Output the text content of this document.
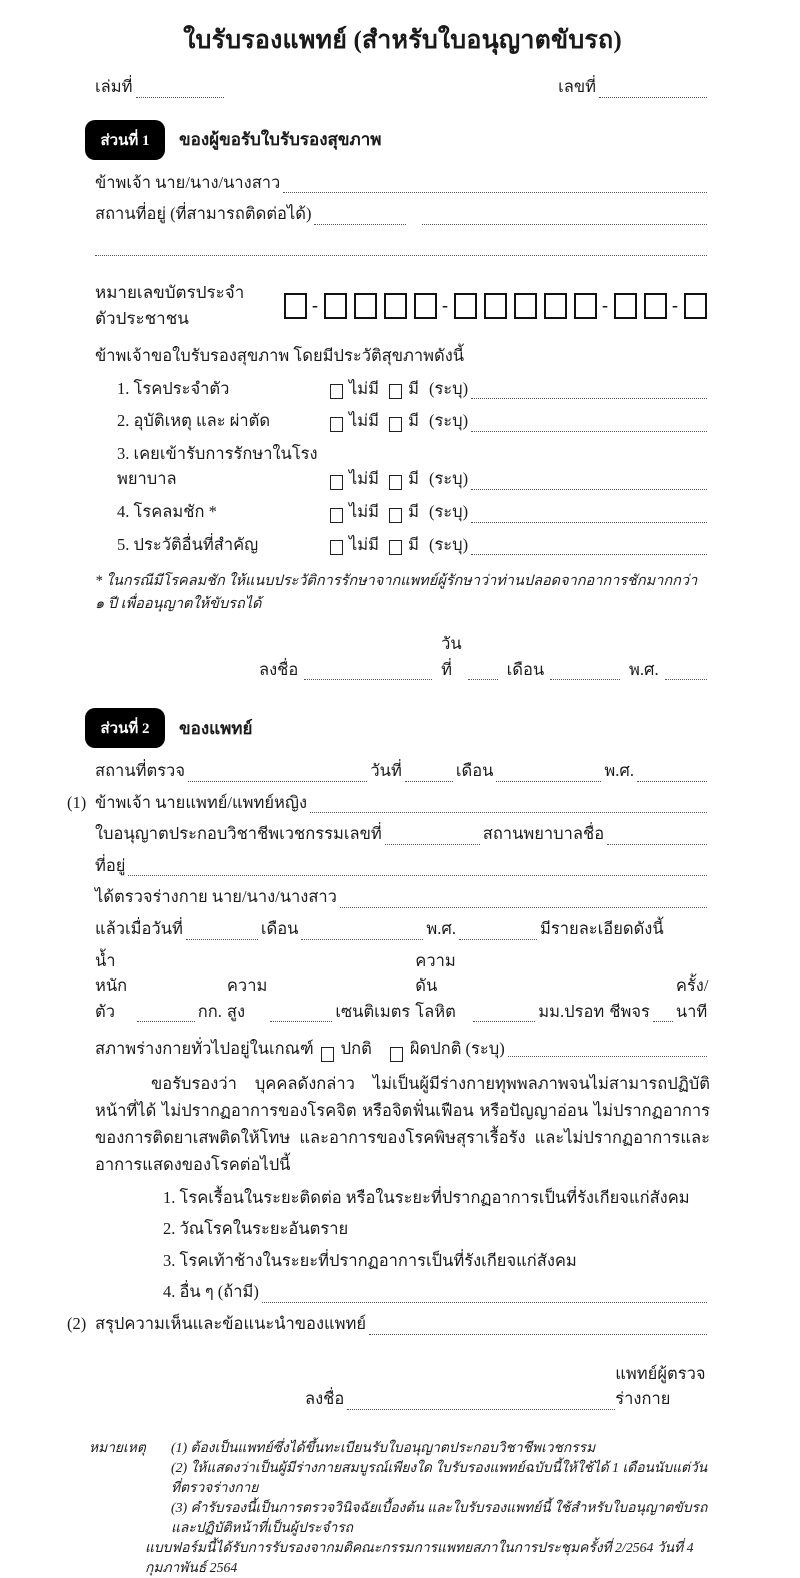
ใบรับรองแพทย์ (สำหรับใบอนุญาตขับรถ)
เล่มที่	เลขที่
ส่วนที่ 1	ของผู้ขอรับใบรับรองสุขภาพ
ข้าพเจ้า นาย/นาง/นางสาว
สถานที่อยู่ (ที่สามารถติดต่อได้)
หมายเลขบัตรประจำตัวประชาชน
-	-	-	-
ข้าพเจ้าขอใบรับรองสุขภาพ โดยมีประวัติสุขภาพดังนี้
1. โรคประจำตัว	ไม่มี มี (ระบุ)
2. อุบัติเหตุ และ ผ่าตัด	ไม่มี มี (ระบุ)
3. เคยเข้ารับการรักษาในโรงพยาบาล	ไม่มี มี (ระบุ)
4. โรคลมชัก *	ไม่มี มี (ระบุ)
5. ประวัติอื่นที่สำคัญ	ไม่มี มี (ระบุ)
* ในกรณีมีโรคลมชัก ให้แนบประวัติการรักษาจากแพทย์ผู้รักษาว่าท่านปลอดจากอาการชักมากกว่า ๑ ปี เพื่ออนุญาตให้ขับรถได้
ลงชื่อ
วันที่	เดือน	พ.ศ.
ส่วนที่ 2	ของแพทย์
สถานที่ตรวจ	วันที่	เดือน	พ.ศ.
(1) ข้าพเจ้า นายแพทย์/แพทย์หญิง
ใบอนุญาตประกอบวิชาชีพเวชกรรมเลขที่	สถานพยาบาลชื่อ
ที่อยู่
ได้ตรวจร่างกาย นาย/นาง/นางสาว
แล้วเมื่อวันที่	เดือน	พ.ศ.	มีรายละเอียดดังนี้
น้ำหนักตัว	กก.
ความสูง	เซนติเมตร
ความดันโลหิต	มม.ปรอท ชีพจร
ครั้ง/นาที
สภาพร่างกายทั่วไปอยู่ในเกณฑ์ ปกติ ผิดปกติ (ระบุ)

ขอรับรองว่า บุคคลดังกล่าว ไม่เป็นผู้มีร่างกายทุพพลภาพจนไม่สามารถปฏิบัติหน้าที่ได้ ไม่ปรากฏอาการของโรคจิต หรือจิตฟั่นเฟือน หรือปัญญาอ่อน ไม่ปรากฏอาการของการติดยาเสพติดให้โทษ และอาการของโรคพิษสุราเรื้อรัง และไม่ปรากฏอาการและอาการแสดงของโรคต่อไปนี้

1.
โรคเรื้อนในระยะติดต่อ หรือในระยะที่ปรากฏอาการเป็นที่รังเกียจแก่สังคม
2.
วัณโรคในระยะอันตราย
3.
โรคเท้าช้างในระยะที่ปรากฏอาการเป็นที่รังเกียจแก่สังคม
4.
อื่น ๆ (ถ้ามี)
(2) สรุปความเห็นและข้อแนะนำของแพทย์
ลงชื่อ
แพทย์ผู้ตรวจร่างกาย
หมายเหตุ	(1) ต้องเป็นแพทย์ซึ่งได้ขึ้นทะเบียนรับใบอนุญาตประกอบวิชาชีพเวชกรรม
(2) ให้แสดงว่าเป็นผู้มีร่างกายสมบูรณ์เพียงใด ใบรับรองแพทย์ฉบับนี้ให้ใช้ได้ 1 เดือนนับแต่วันที่ตรวจร่างกาย
(3) คำรับรองนี้เป็นการตรวจวินิจฉัยเบื้องต้น และใบรับรองแพทย์นี้ ใช้สำหรับใบอนุญาตขับรถและปฏิบัติหน้าที่เป็นผู้ประจำรถ
แบบฟอร์มนี้ได้รับการรับรองจากมติคณะกรรมการแพทยสภาในการประชุมครั้งที่ 2/2564 วันที่ 4 กุมภาพันธ์ 2564
